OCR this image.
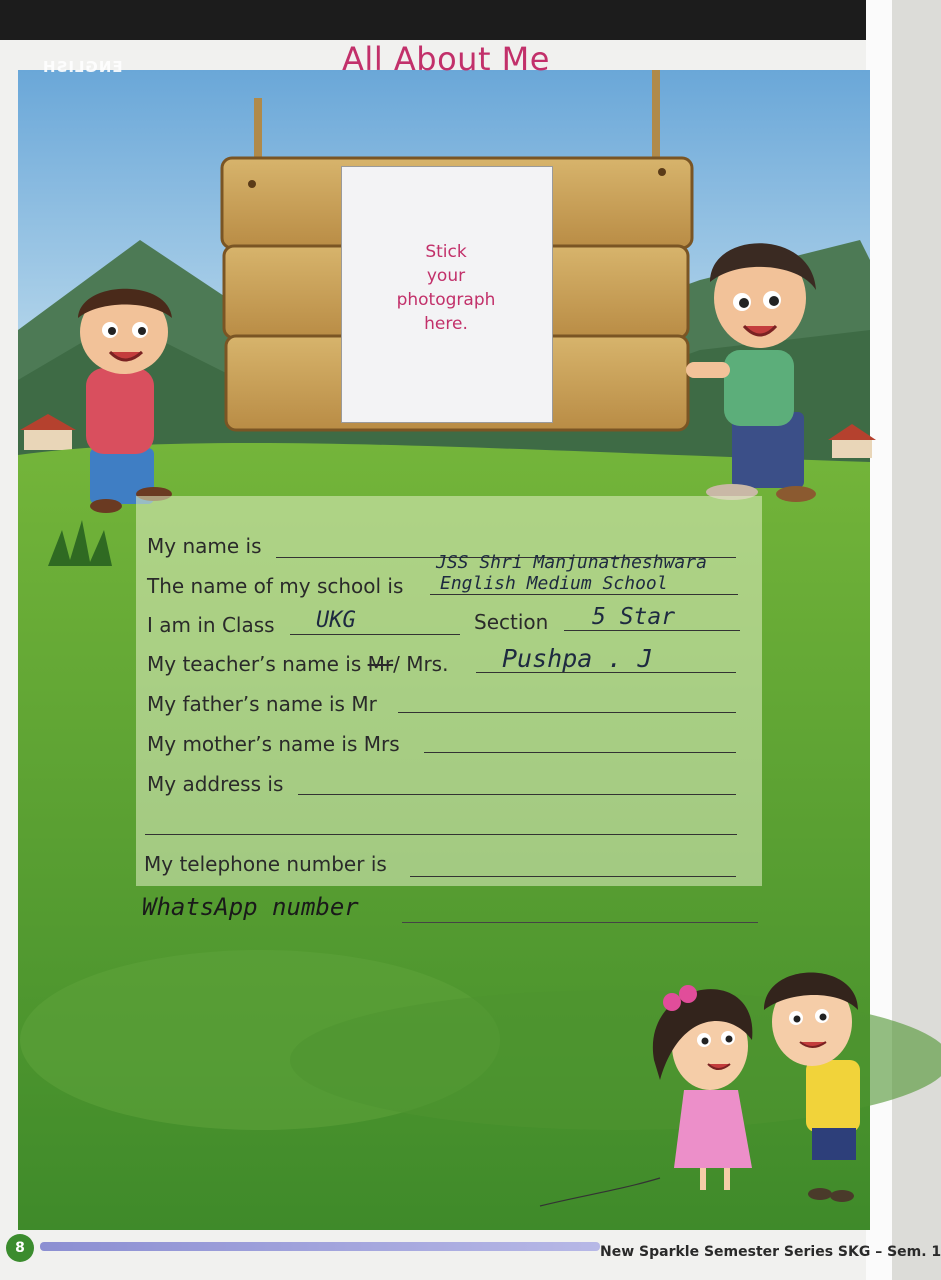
ENGLISH	All About Me
Stick
your
photograph
here.
My name is
JSS Shri Manjunatheshwara
The name of my school is English Medium School
I am in Class UKG	Section 5 Star
My teacher’s name is Mr/ Mrs. Pushpa . J
My father’s name is Mr
My mother’s name is Mrs
My address is
My telephone number is
WhatsApp number
8	New Sparkle Semester Series SKG – Sem. 1
